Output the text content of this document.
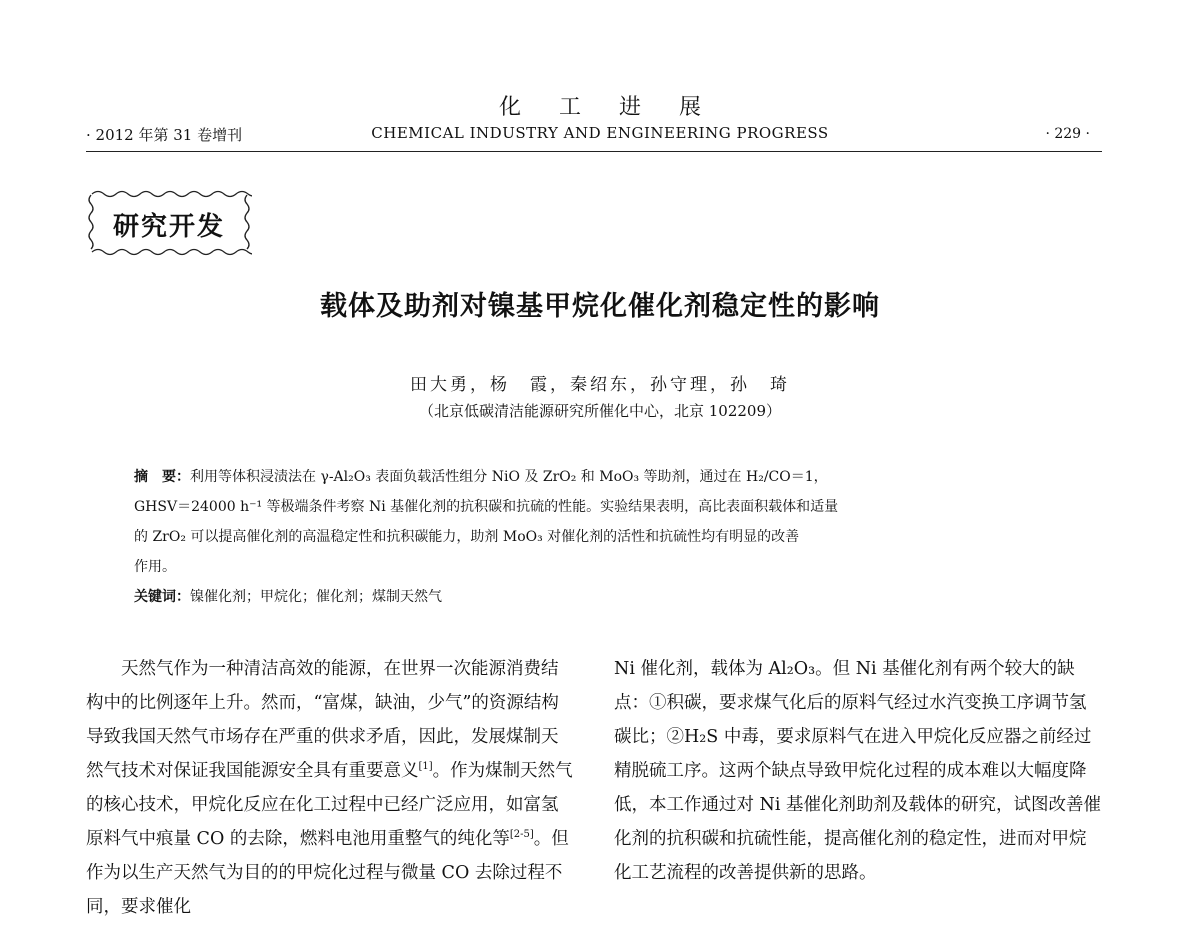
化工进展
· 2012 年第 31 卷增刊	CHEMICAL INDUSTRY AND ENGINEERING PROGRESS	· 229 ·
研究开发
载体及助剂对镍基甲烷化催化剂稳定性的影响
田大勇，杨　霞，秦绍东，孙守理，孙　琦
（北京低碳清洁能源研究所催化中心，北京 102209）

摘　要：利用等体积浸渍法在 γ-Al₂O₃ 表面负载活性组分 NiO 及 ZrO₂ 和 MoO₃ 等助剂，通过在 H₂/CO＝1，

GHSV＝24000 h⁻¹ 等极端条件考察 Ni 基催化剂的抗积碳和抗硫的性能。实验结果表明，高比表面积载体和适量

的 ZrO₂ 可以提高催化剂的高温稳定性和抗积碳能力，助剂 MoO₃ 对催化剂的活性和抗硫性均有明显的改善

作用。

关键词：镍催化剂；甲烷化；催化剂；煤制天然气

天然气作为一种清洁高效的能源，在世界一次能源消费结构中的比例逐年上升。然而，“富煤，缺油，少气”的资源结构导致我国天然气市场存在严重的供求矛盾，因此，发展煤制天然气技术对保证我国能源安全具有重要意义[1]。作为煤制天然气的核心技术，甲烷化反应在化工过程中已经广泛应用，如富氢原料气中痕量 CO 的去除，燃料电池用重整气的纯化等[2-5]。但作为以生产天然气为目的的甲烷化过程与微量 CO 去除过程不同，要求催化

Ni 催化剂，载体为 Al₂O₃。但 Ni 基催化剂有两个较大的缺点：①积碳，要求煤气化后的原料气经过水汽变换工序调节氢碳比；②H₂S 中毒，要求原料气在进入甲烷化反应器之前经过精脱硫工序。这两个缺点导致甲烷化过程的成本难以大幅度降低，本工作通过对 Ni 基催化剂助剂及载体的研究，试图改善催化剂的抗积碳和抗硫性能，提高催化剂的稳定性，进而对甲烷化工艺流程的改善提供新的思路。
